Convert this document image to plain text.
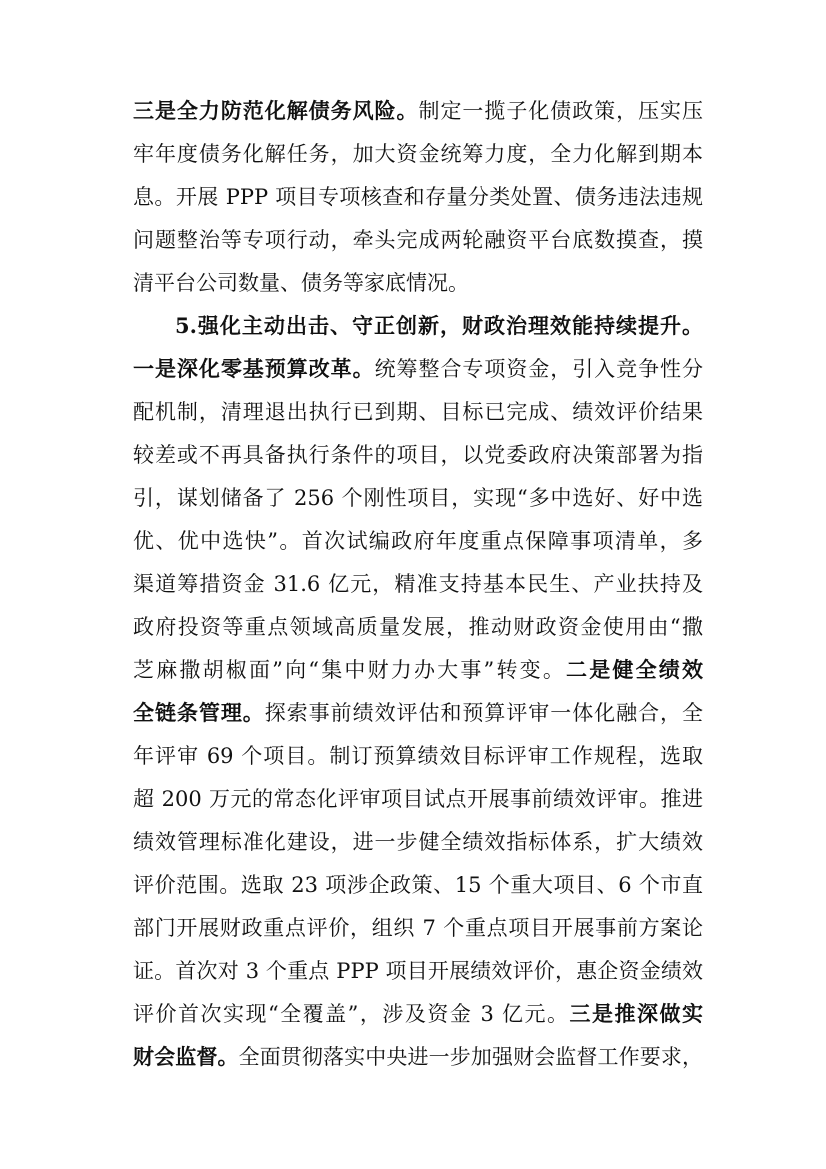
三是全力防范化解债务风险。制定一揽子化债政策，压实压
牢年度债务化解任务，加大资金统筹力度，全力化解到期本
息。开展 PPP 项目专项核查和存量分类处置、债务违法违规
问题整治等专项行动，牵头完成两轮融资平台底数摸查，摸
清平台公司数量、债务等家底情况。
5.强化主动出击、守正创新，财政治理效能持续提升。
一是深化零基预算改革。统筹整合专项资金，引入竞争性分
配机制，清理退出执行已到期、目标已完成、绩效评价结果
较差或不再具备执行条件的项目，以党委政府决策部署为指
引，谋划储备了 256 个刚性项目，实现“多中选好、好中选
优、优中选快”。首次试编政府年度重点保障事项清单，多
渠道筹措资金 31.6 亿元，精准支持基本民生、产业扶持及
政府投资等重点领域高质量发展，推动财政资金使用由“撒
芝麻撒胡椒面”向“集中财力办大事”转变。二是健全绩效
全链条管理。探索事前绩效评估和预算评审一体化融合，全
年评审 69 个项目。制订预算绩效目标评审工作规程，选取
超 200 万元的常态化评审项目试点开展事前绩效评审。推进
绩效管理标准化建设，进一步健全绩效指标体系，扩大绩效
评价范围。选取 23 项涉企政策、15 个重大项目、6 个市直
部门开展财政重点评价，组织 7 个重点项目开展事前方案论
证。首次对 3 个重点 PPP 项目开展绩效评价，惠企资金绩效
评价首次实现“全覆盖”，涉及资金 3 亿元。三是推深做实
财会监督。全面贯彻落实中央进一步加强财会监督工作要求，
